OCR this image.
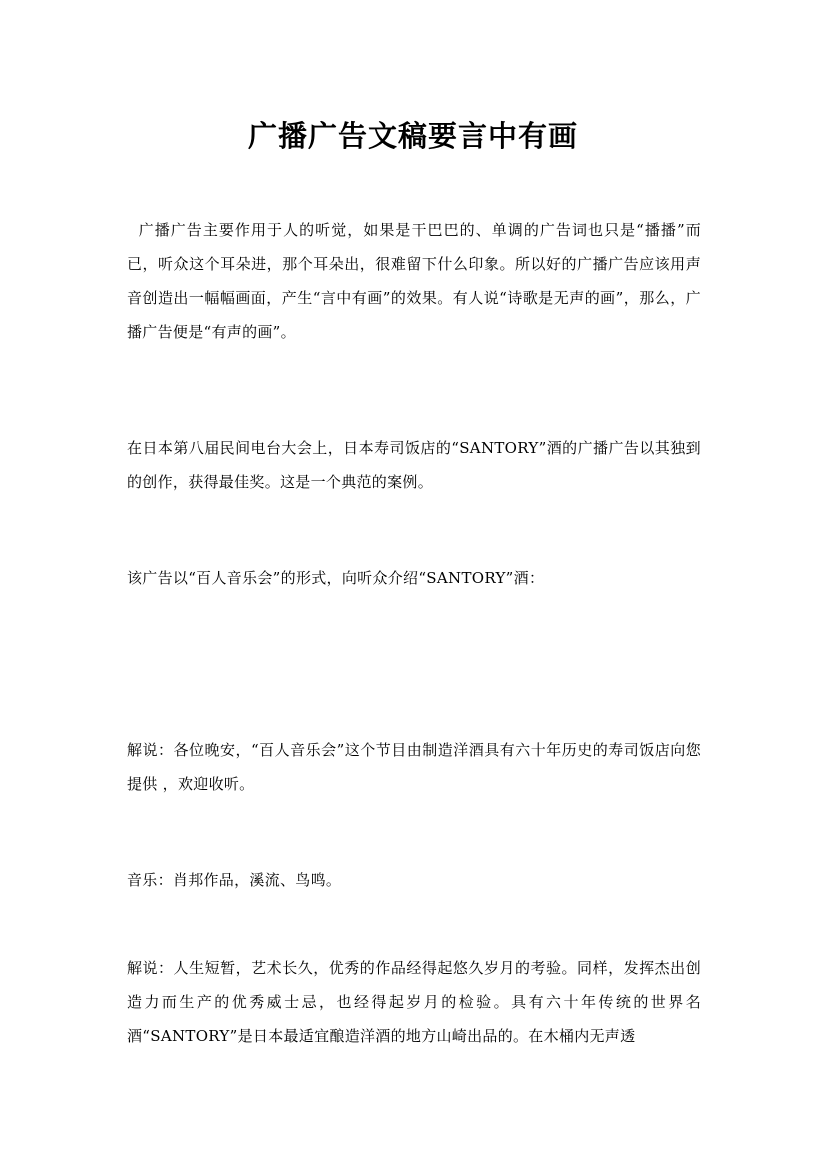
广播广告文稿要言中有画
广播广告主要作用于人的听觉，如果是干巴巴的、单调的广告词也只是“播播”而已，听众这个耳朵进，那个耳朵出，很难留下什么印象。所以好的广播广告应该用声音创造出一幅幅画面，产生“言中有画”的效果。有人说“诗歌是无声的画”，那么，广播广告便是“有声的画”。
在日本第八届民间电台大会上，日本寿司饭店的“SANTORY”酒的广播广告以其独到的创作，获得最佳奖。这是一个典范的案例。
该广告以“百人音乐会”的形式，向听众介绍“SANTORY”酒：
解说：各位晚安，“百人音乐会”这个节目由制造洋酒具有六十年历史的寿司饭店向您提供 ，欢迎收听。
音乐：肖邦作品，溪流、鸟鸣。
解说：人生短暂，艺术长久，优秀的作品经得起悠久岁月的考验。同样，发挥杰出创造力而生产的优秀威士忌，也经得起岁月的检验。具有六十年传统的世界名酒“SANTORY”是日本最适宜酿造洋酒的地方山崎出品的。在木桶内无声透
